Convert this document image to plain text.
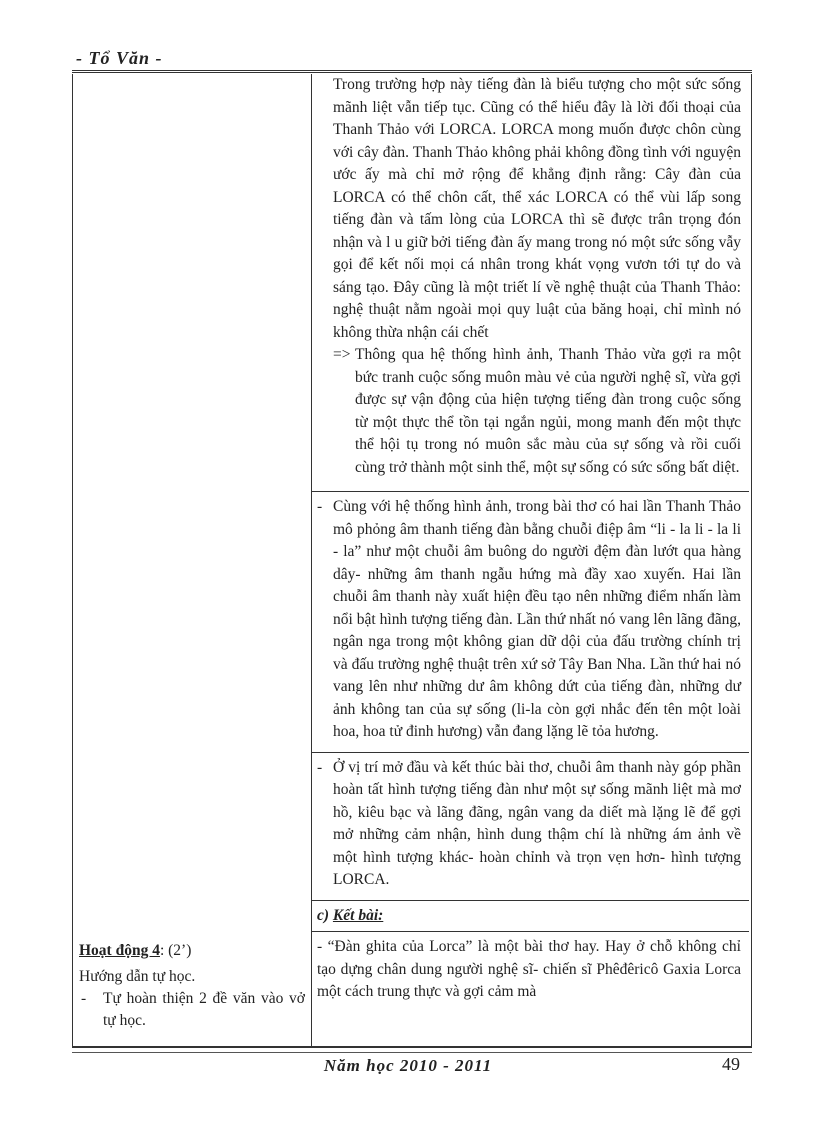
- Tổ Văn -

Hoạt động 4: (2’)

Hướng dẫn tự học.

- Tự hoàn thiện 2 đề văn vào vở tự học.

Trong trường hợp này tiếng đàn là biểu tượng cho một sức sống mãnh liệt vẫn tiếp tục. Cũng có thể hiểu đây là lời đối thoại của Thanh Thảo với LORCA. LORCA mong muốn được chôn cùng với cây đàn. Thanh Thảo không phải không đồng tình với nguyện ước ấy mà chỉ mở rộng để khẳng định rằng: Cây đàn của LORCA có thể chôn cất, thể xác LORCA có thể vùi lấp song tiếng đàn và tấm lòng của LORCA thì sẽ được trân trọng đón nhận và l u giữ bởi tiếng đàn ấy mang trong nó một sức sống vẫy gọi để kết nối mọi cá nhân trong khát vọng vươn tới tự do và sáng tạo. Đây cũng là một triết lí về nghệ thuật của Thanh Thảo: nghệ thuật nằm ngoài mọi quy luật của băng hoại, chỉ mình nó không thừa nhận cái chết

=> Thông qua hệ thống hình ảnh, Thanh Thảo vừa gợi ra một bức tranh cuộc sống muôn màu vẻ của người nghệ sĩ, vừa gợi được sự vận động của hiện tượng tiếng đàn trong cuộc sống từ một thực thể tồn tại ngắn ngủi, mong manh đến một thực thể hội tụ trong nó muôn sắc màu của sự sống và rồi cuối cùng trở thành một sinh thể, một sự sống có sức sống bất diệt.

- Cùng với hệ thống hình ảnh, trong bài thơ có hai lần Thanh Thảo mô phỏng âm thanh tiếng đàn bằng chuỗi điệp âm “li - la li - la li - la” như một chuỗi âm buông do người đệm đàn lướt qua hàng dây- những âm thanh ngẫu hứng mà đầy xao xuyến. Hai lần chuỗi âm thanh này xuất hiện đều tạo nên những điểm nhấn làm nổi bật hình tượng tiếng đàn. Lần thứ nhất nó vang lên lãng đãng, ngân nga trong một không gian dữ dội của đấu trường chính trị và đấu trường nghệ thuật trên xứ sở Tây Ban Nha. Lần thứ hai nó vang lên như những dư âm không dứt của tiếng đàn, những dư ảnh không tan của sự sống (li-la còn gợi nhắc đến tên một loài hoa, hoa tử đinh hương) vẫn đang lặng lẽ tỏa hương.

- Ở vị trí mở đầu và kết thúc bài thơ, chuỗi âm thanh này góp phần hoàn tất hình tượng tiếng đàn như một sự sống mãnh liệt mà mơ hồ, kiêu bạc và lãng đãng, ngân vang da diết mà lặng lẽ để gợi mở những cảm nhận, hình dung thậm chí là những ám ảnh về một hình tượng khác- hoàn chỉnh và trọn vẹn hơn- hình tượng LORCA.

c) Kết bài:

- “Đàn ghita của Lorca” là một bài thơ hay. Hay ở chỗ không chỉ tạo dựng chân dung người nghệ sĩ- chiến sĩ Phêđêricô Gaxia Lorca một cách trung thực và gợi cảm mà

Năm học 2010 - 2011	49
